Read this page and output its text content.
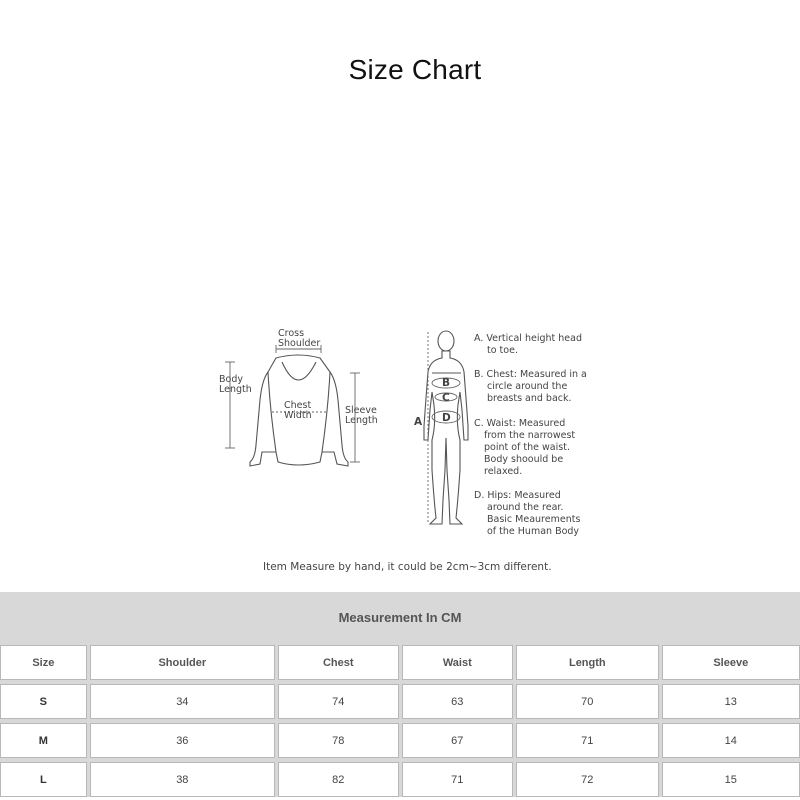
Size Chart
Cross
Shoulder
Body
Length
Chest
Width	Sleeve
Length	A
B
C
D
A. Vertical height head
to toe.
B. Chest: Measured in a
circle around the
breasts and back.
C. Waist: Measured
from the narrowest
point of the waist.
Body shoould be
relaxed.
D. Hips: Measured
around the rear.
Basic Meaurements
of the Human Body
Item Measure by hand, it could be 2cm~3cm different.
Measurement In CM
Size	Shoulder	Chest	Waist	Length	Sleeve
S	34	74	63	70	13
M	36	78	67	71	14
L	38	82	71	72	15
